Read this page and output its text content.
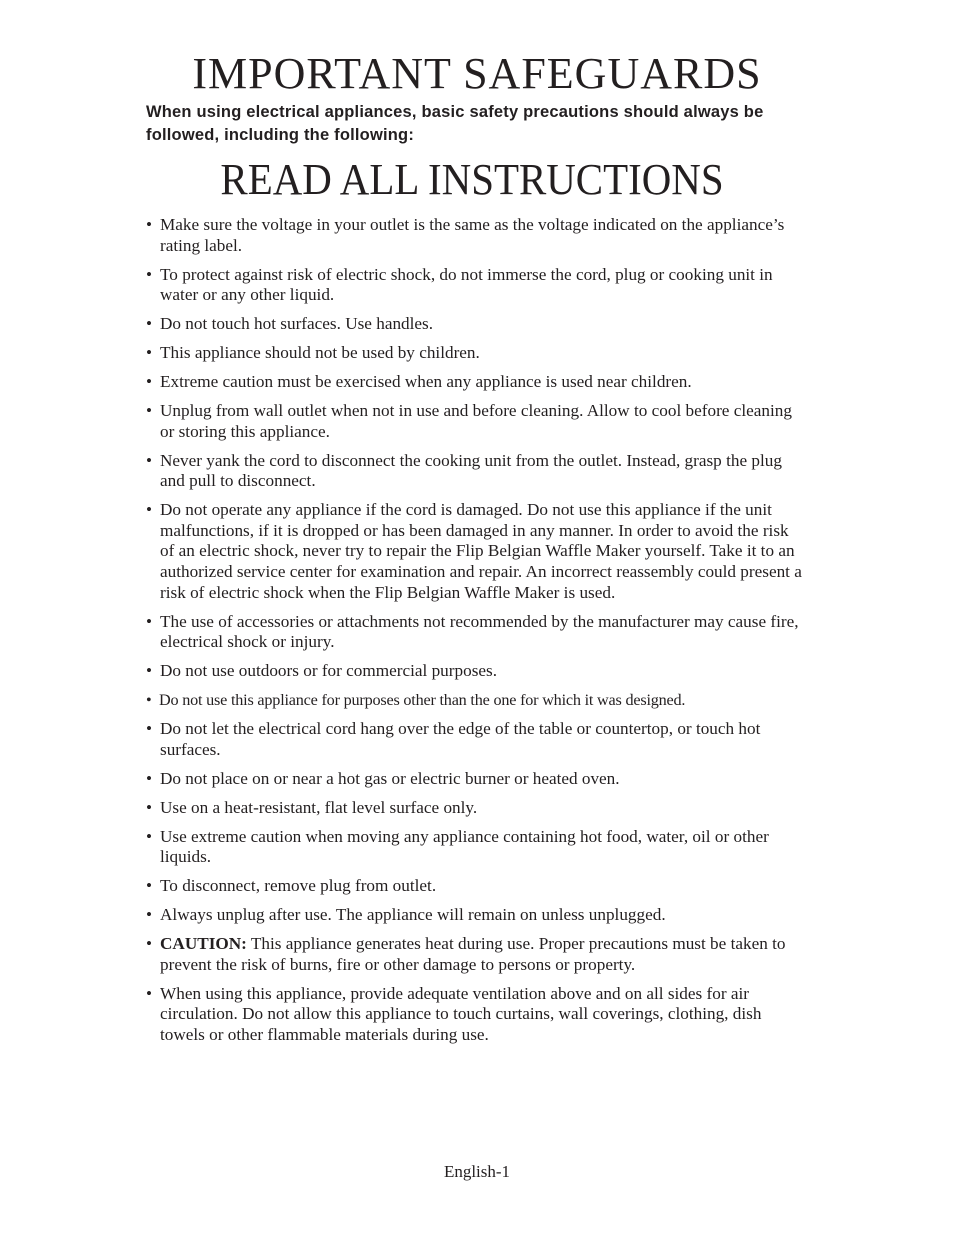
IMPORTANT SAFEGUARDS

When using electrical appliances, basic safety precautions should always be followed, including the following:

READ ALL INSTRUCTIONS
• Make sure the voltage in your outlet is the same as the voltage indicated on the appliance’s rating label.
• To protect against risk of electric shock, do not immerse the cord, plug or cooking unit in water or any other liquid.
• Do not touch hot surfaces. Use handles.
• This appliance should not be used by children.
• Extreme caution must be exercised when any appliance is used near children.
• Unplug from wall outlet when not in use and before cleaning. Allow to cool before cleaning or storing this appliance.
• Never yank the cord to disconnect the cooking unit from the outlet. Instead, grasp the plug and pull to disconnect.
• Do not operate any appliance if the cord is damaged. Do not use this appliance if the unit malfunctions, if it is dropped or has been damaged in any manner. In order to avoid the risk of an electric shock, never try to repair the Flip Belgian Waffle Maker yourself. Take it to an authorized service center for examination and repair. An incorrect reassembly could present a risk of electric shock when the Flip Belgian Waffle Maker is used.
• The use of accessories or attachments not recommended by the manufacturer may cause fire, electrical shock or injury.
• Do not use outdoors or for commercial purposes.
• Do not use this appliance for purposes other than the one for which it was designed.
• Do not let the electrical cord hang over the edge of the table or countertop, or touch hot surfaces.
• Do not place on or near a hot gas or electric burner or heated oven.
• Use on a heat-resistant, flat level surface only.
• Use extreme caution when moving any appliance containing hot food, water, oil or other liquids.
• To disconnect, remove plug from outlet.
• Always unplug after use. The appliance will remain on unless unplugged.
• CAUTION: This appliance generates heat during use. Proper precautions must be taken to prevent the risk of burns, fire or other damage to persons or property.
• When using this appliance, provide adequate ventilation above and on all sides for air circulation. Do not allow this appliance to touch curtains, wall coverings, clothing, dish towels or other flammable materials during use.
English-1
